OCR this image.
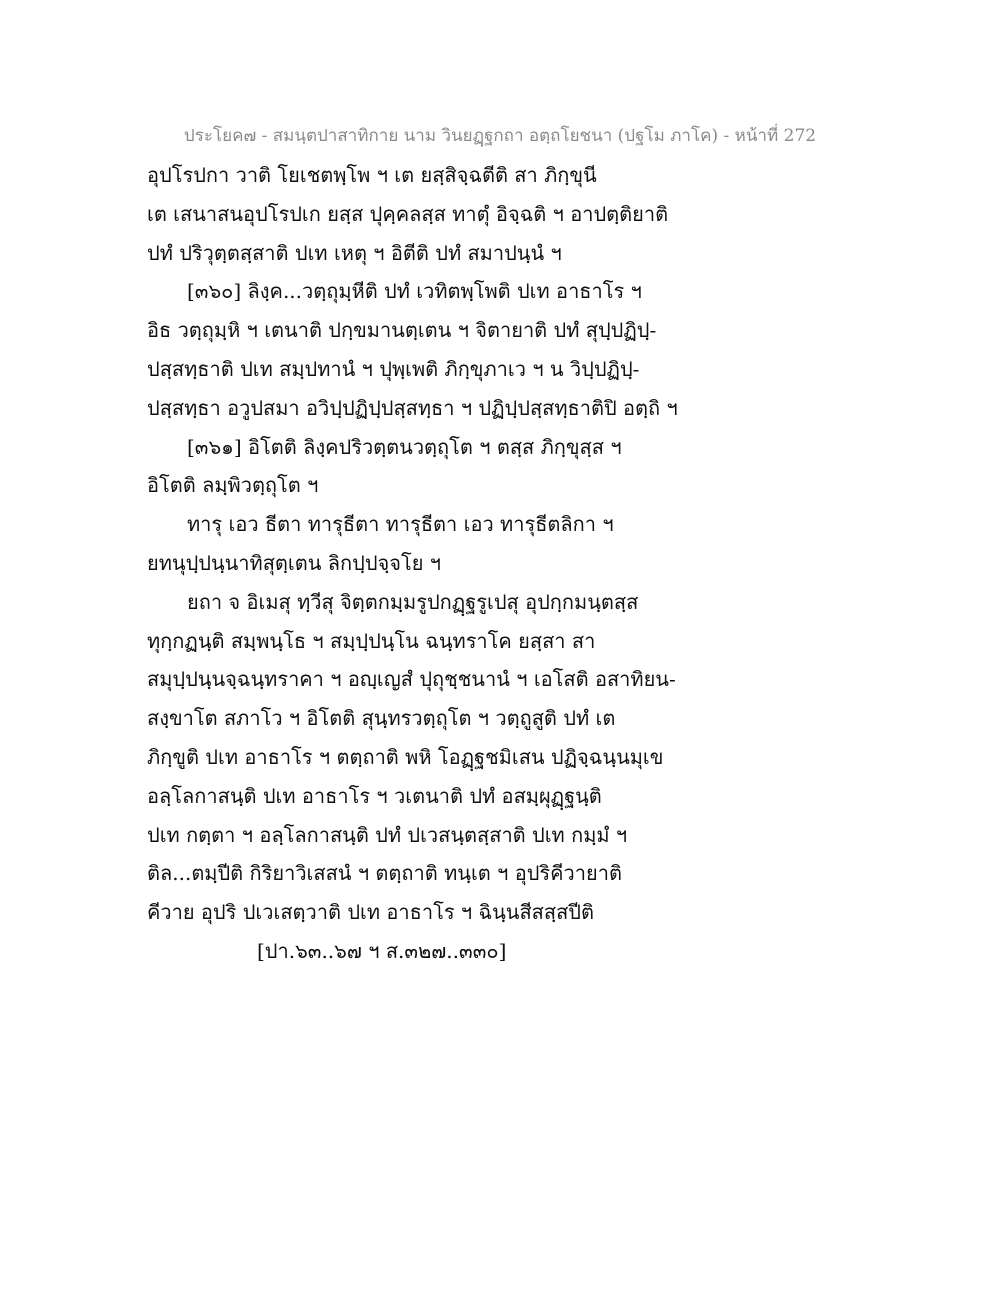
ประโยค๗ - สมนฺตปาสาทิกาย นาม วินยฏฺฐกถา อตฺถโยชนา (ปฐโม ภาโค) - หน้าที่ 272
อุปโรปกา วาติ โยเชตพฺโพ ฯ เต ยสฺสิจฺฉตีติ สา ภิกฺขุนี
เต เสนาสนอุปโรปเก ยสฺส ปุคฺคลสฺส ทาตุํ อิจฺฉติ ฯ อาปตฺติยาติ
ปทํ ปริวุตฺตสฺสาติ ปเท เหตุ ฯ อิตีติ ปทํ สมาปนฺนํ ฯ
[๓๖๐] ลิงฺค...วตฺถุมฺหีติ ปทํ เวทิตพฺโพติ ปเท อาธาโร ฯ
อิธ วตฺถุมฺหิ ฯ เตนาติ ปกฺขมานตฺเตน ฯ จิตายาติ ปทํ สุปฺปฏิปฺ-
ปสฺสทฺธาติ ปเท สมฺปทานํ ฯ ปุพฺเพติ ภิกฺขุภาเว ฯ น วิปฺปฏิปฺ-
ปสฺสทฺธา อวูปสมา อวิปฺปฏิปฺปสฺสทฺธา ฯ ปฏิปฺปสฺสทฺธาติปิ อตฺถิ ฯ
[๓๖๑] อิโตติ ลิงฺคปริวตฺตนวตฺถุโต ฯ ตสฺส ภิกฺขุสฺส ฯ
อิโตติ ลมฺพิวตฺถุโต ฯ
ทารุ เอว ธีตา ทารุธีตา ทารุธีตา เอว ทารุธีตลิกา ฯ
ยทนุปฺปนฺนาทิสุตฺเตน ลิกปฺปจฺจโย ฯ
ยถา จ อิเมสุ ทฺวีสุ จิตฺตกมฺมรูปกฏฺฐรูเปสุ อุปกฺกมนฺตสฺส
ทุกฺกฏนฺติ สมฺพนฺโธ ฯ สมฺปฺปนฺโน ฉนฺทราโค ยสฺสา สา
สมุปฺปนฺนจฺฉนฺทราคา ฯ อญฺเญสํ ปุถุชฺชนานํ ฯ เอโสติ อสาทิยน-
สงฺขาโต สภาโว ฯ อิโตติ สุนฺทรวตฺถุโต ฯ วตฺถูสูติ ปทํ เต
ภิกฺขูติ ปเท อาธาโร ฯ ตตฺถาติ พหิ โอฏฺฐชมิเสน ปฏิจฺฉนฺนมุเข
อลฺโลกาสนฺติ ปเท อาธาโร ฯ วเตนาติ ปทํ อสมฺผุฏฺฐนฺติ
ปเท กตฺตา ฯ อลฺโลกาสนฺติ ปทํ ปเวสนฺตสฺสาติ ปเท กมฺมํ ฯ
ติล...ตมฺปีติ กิริยาวิเสสนํ ฯ ตตฺถาติ ทนฺเต ฯ อุปริคีวายาติ
คีวาย อุปริ ปเวเสตฺวาติ ปเท อาธาโร ฯ ฉินฺนสีสสฺสปีติ
[ปา.๖๓..๖๗ ฯ ส.๓๒๗..๓๓๐]
